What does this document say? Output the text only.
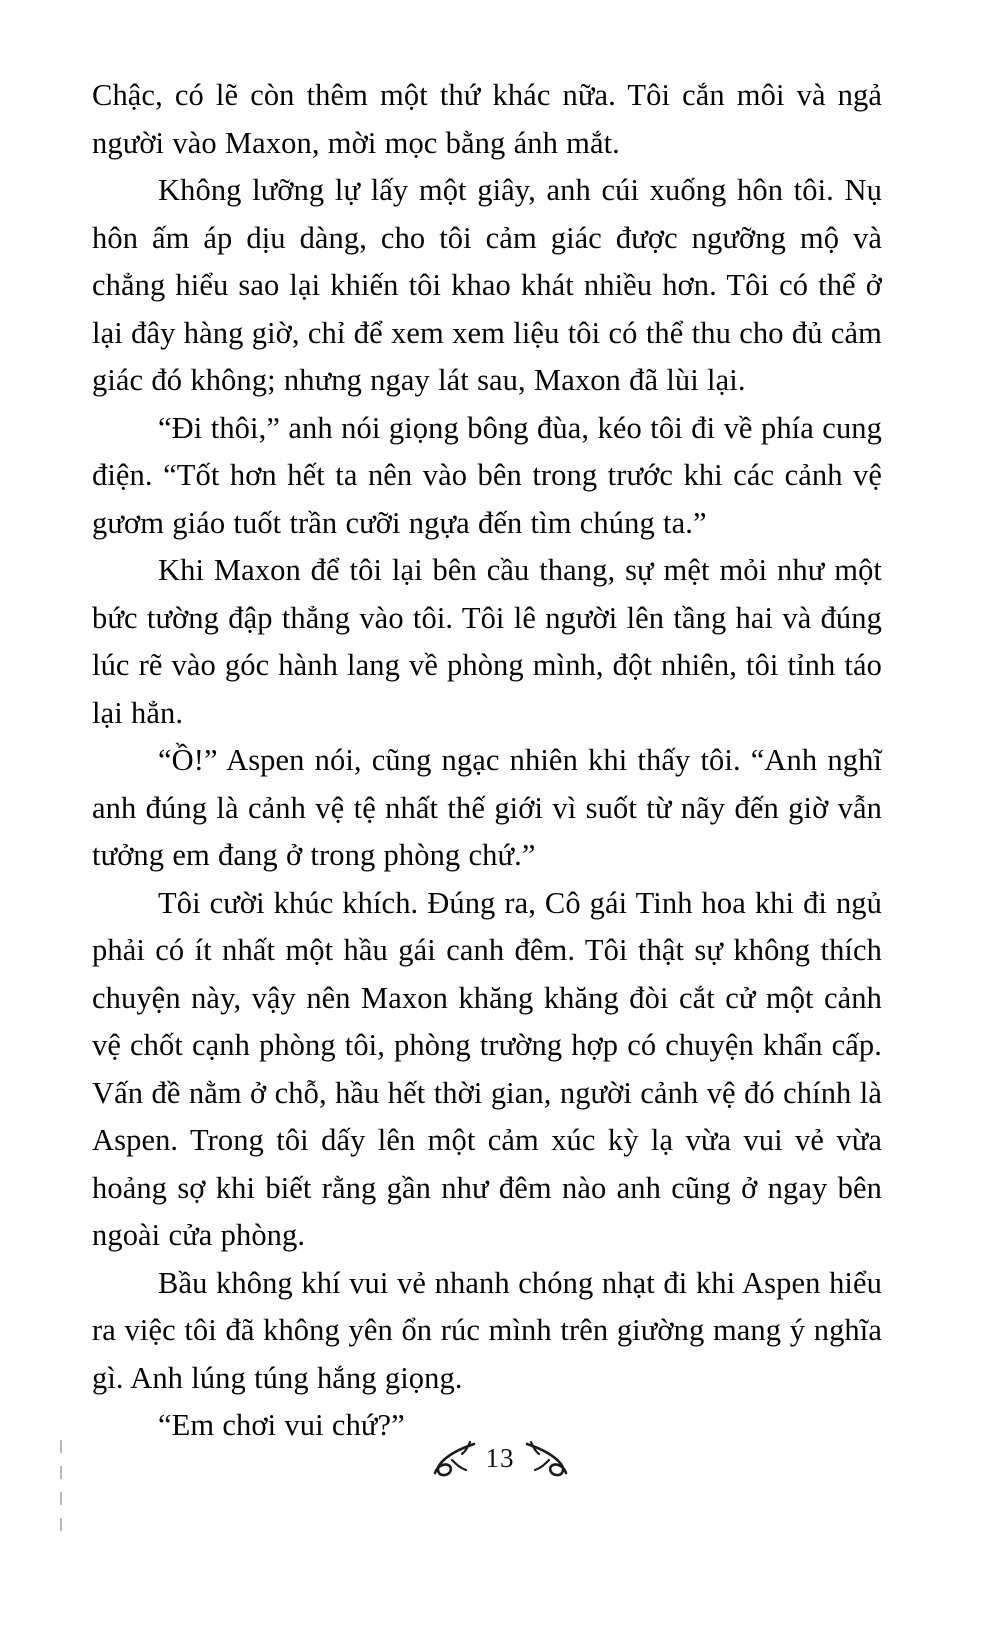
Chậc, có lẽ còn thêm một thứ khác nữa. Tôi cắn môi và ngả người vào Maxon, mời mọc bằng ánh mắt.

Không lưỡng lự lấy một giây, anh cúi xuống hôn tôi. Nụ hôn ấm áp dịu dàng, cho tôi cảm giác được ngưỡng mộ và chẳng hiểu sao lại khiến tôi khao khát nhiều hơn. Tôi có thể ở lại đây hàng giờ, chỉ để xem xem liệu tôi có thể thu cho đủ cảm giác đó không; nhưng ngay lát sau, Maxon đã lùi lại.

“Đi thôi,” anh nói giọng bông đùa, kéo tôi đi về phía cung điện. “Tốt hơn hết ta nên vào bên trong trước khi các cảnh vệ gươm giáo tuốt trần cưỡi ngựa đến tìm chúng ta.”

Khi Maxon để tôi lại bên cầu thang, sự mệt mỏi như một bức tường đập thẳng vào tôi. Tôi lê người lên tầng hai và đúng lúc rẽ vào góc hành lang về phòng mình, đột nhiên, tôi tỉnh táo lại hẳn.

“Ồ!” Aspen nói, cũng ngạc nhiên khi thấy tôi. “Anh nghĩ anh đúng là cảnh vệ tệ nhất thế giới vì suốt từ nãy đến giờ vẫn tưởng em đang ở trong phòng chứ.”

Tôi cười khúc khích. Đúng ra, Cô gái Tinh hoa khi đi ngủ phải có ít nhất một hầu gái canh đêm. Tôi thật sự không thích chuyện này, vậy nên Maxon khăng khăng đòi cắt cử một cảnh vệ chốt cạnh phòng tôi, phòng trường hợp có chuyện khẩn cấp. Vấn đề nằm ở chỗ, hầu hết thời gian, người cảnh vệ đó chính là Aspen. Trong tôi dấy lên một cảm xúc kỳ lạ vừa vui vẻ vừa hoảng sợ khi biết rằng gần như đêm nào anh cũng ở ngay bên ngoài cửa phòng.

Bầu không khí vui vẻ nhanh chóng nhạt đi khi Aspen hiểu ra việc tôi đã không yên ổn rúc mình trên giường mang ý nghĩa gì. Anh lúng túng hắng giọng.

“Em chơi vui chứ?”

13
